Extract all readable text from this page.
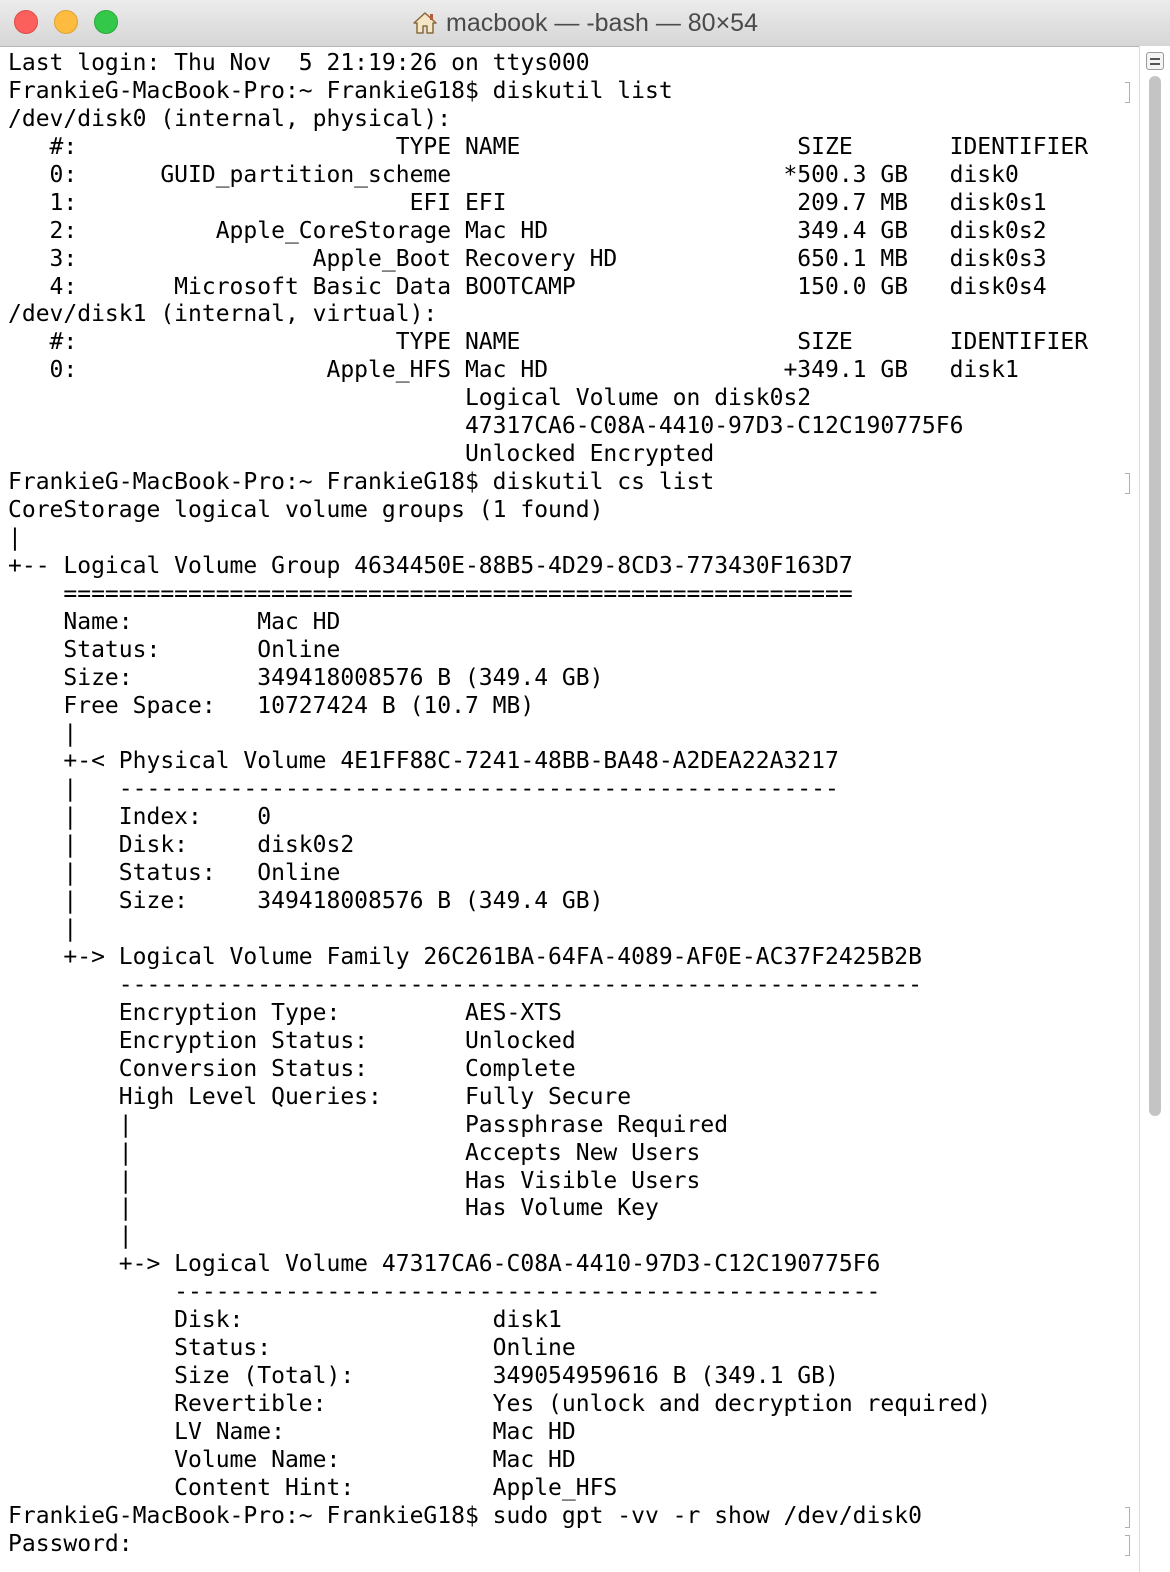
macbook — -bash — 80×54
Last login: Thu Nov  5 21:19:26 on ttys000
FrankieG-MacBook-Pro:~ FrankieG18$ diskutil list
/dev/disk0 (internal, physical):
#:                       TYPE NAME                    SIZE       IDENTIFIER
0:      GUID_partition_scheme                        *500.3 GB   disk0
1:                        EFI EFI                     209.7 MB   disk0s1
2:          Apple_CoreStorage Mac HD                  349.4 GB   disk0s2
3:                 Apple_Boot Recovery HD             650.1 MB   disk0s3
4:       Microsoft Basic Data BOOTCAMP                150.0 GB   disk0s4
/dev/disk1 (internal, virtual):
#:                       TYPE NAME                    SIZE       IDENTIFIER
0:                  Apple_HFS Mac HD                 +349.1 GB   disk1
Logical Volume on disk0s2
47317CA6-C08A-4410-97D3-C12C190775F6
Unlocked Encrypted
FrankieG-MacBook-Pro:~ FrankieG18$ diskutil cs list
CoreStorage logical volume groups (1 found)
|
+-- Logical Volume Group 4634450E-88B5-4D29-8CD3-773430F163D7
=========================================================
Name:         Mac HD
Status:       Online
Size:         349418008576 B (349.4 GB)
Free Space:   10727424 B (10.7 MB)
|
+-< Physical Volume 4E1FF88C-7241-48BB-BA48-A2DEA22A3217
|   ----------------------------------------------------
|   Index:    0
|   Disk:     disk0s2
|   Status:   Online
|   Size:     349418008576 B (349.4 GB)
|
+-> Logical Volume Family 26C261BA-64FA-4089-AF0E-AC37F2425B2B
----------------------------------------------------------
Encryption Type:         AES-XTS
Encryption Status:       Unlocked
Conversion Status:       Complete
High Level Queries:      Fully Secure
|                        Passphrase Required
|                        Accepts New Users
|                        Has Visible Users
|                        Has Volume Key
|
+-> Logical Volume 47317CA6-C08A-4410-97D3-C12C190775F6
---------------------------------------------------
Disk:                  disk1
Status:                Online
Size (Total):          349054959616 B (349.1 GB)
Revertible:            Yes (unlock and decryption required)
LV Name:               Mac HD
Volume Name:           Mac HD
Content Hint:          Apple_HFS
FrankieG-MacBook-Pro:~ FrankieG18$ sudo gpt -vv -r show /dev/disk0
Password:
